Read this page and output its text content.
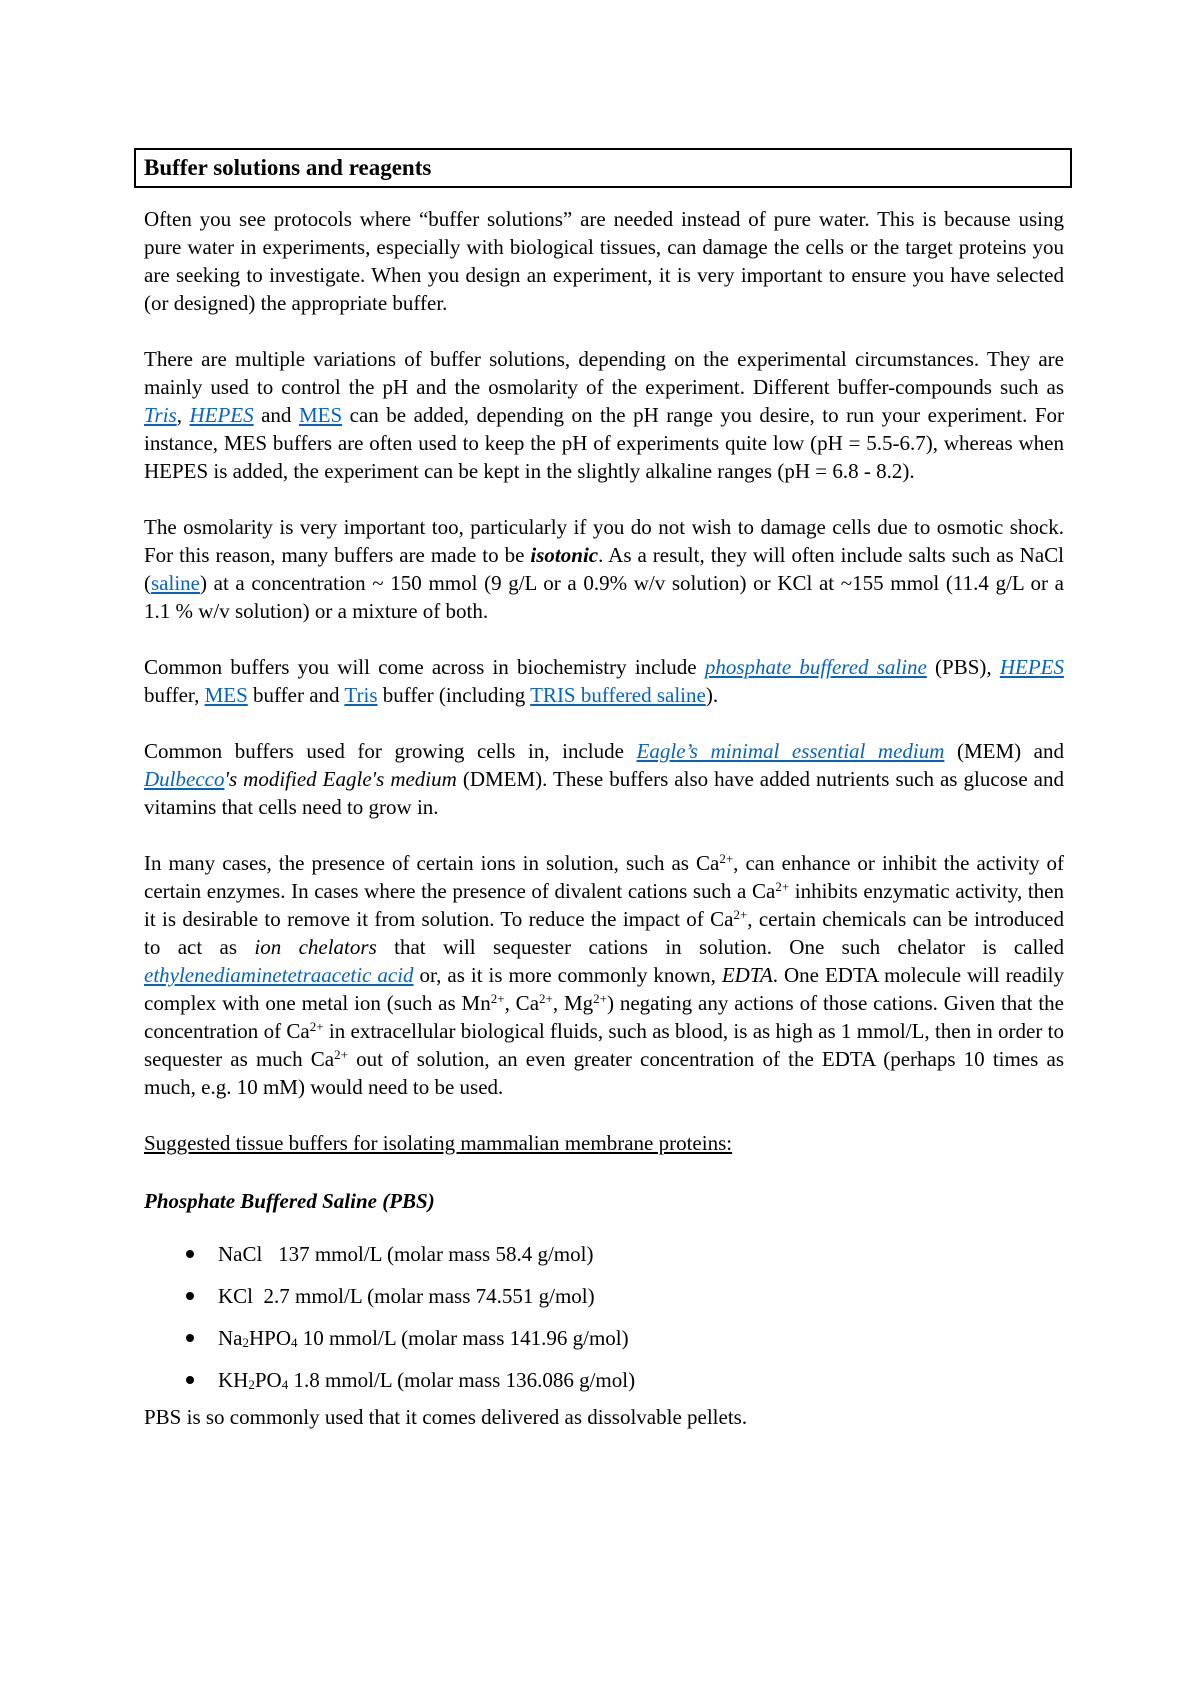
Buffer solutions and reagents

Often you see protocols where “buffer solutions” are needed instead of pure water. This is because using pure water in experiments, especially with biological tissues, can damage the cells or the target proteins you are seeking to investigate. When you design an experiment, it is very important to ensure you have selected (or designed) the appropriate buffer.

There are multiple variations of buffer solutions, depending on the experimental circumstances. They are mainly used to control the pH and the osmolarity of the experiment. Different buffer-compounds such as Tris, HEPES and MES can be added, depending on the pH range you desire, to run your experiment. For instance, MES buffers are often used to keep the pH of experiments quite low (pH = 5.5-6.7), whereas when HEPES is added, the experiment can be kept in the slightly alkaline ranges (pH = 6.8 - 8.2).

The osmolarity is very important too, particularly if you do not wish to damage cells due to osmotic shock. For this reason, many buffers are made to be isotonic. As a result, they will often include salts such as NaCl (saline) at a concentration ~ 150 mmol (9 g/L or a 0.9% w/v solution) or KCl at ~155 mmol (11.4 g/L or a 1.1 % w/v solution) or a mixture of both.

Common buffers you will come across in biochemistry include phosphate buffered saline (PBS), HEPES buffer, MES buffer and Tris buffer (including TRIS buffered saline).

Common buffers used for growing cells in, include Eagle’s minimal essential medium (MEM) and Dulbecco's modified Eagle's medium (DMEM). These buffers also have added nutrients such as glucose and vitamins that cells need to grow in.

In many cases, the presence of certain ions in solution, such as $Ca^{2+}$, can enhance or inhibit the activity of certain enzymes. In cases where the presence of divalent cations such a $Ca^{2+}$ inhibits enzymatic activity, then it is desirable to remove it from solution. To reduce the impact of $Ca^{2+}$, certain chemicals can be introduced to act as ion chelators that will sequester cations in solution. One such chelator is called ethylenediaminetetraacetic acid or, as it is more commonly known, EDTA. One EDTA molecule will readily complex with one metal ion (such as $Mn^{2+}$, $Ca^{2+}$, $Mg^{2+}$) negating any actions of those cations. Given that the concentration of $Ca^{2+}$ in extracellular biological fluids, such as blood, is as high as 1 mmol/L, then in order to sequester as much $Ca^{2+}$ out of solution, an even greater concentration of the EDTA (perhaps 10 times as much, e.g. 10 mM) would need to be used.

Suggested tissue buffers for isolating mammalian membrane proteins:

Phosphate Buffered Saline (PBS)

NaCl   137 mmol/L (molar mass 58.4 g/mol)
KCl  2.7 mmol/L (molar mass 74.551 g/mol)
$Na_2HPO_4$ 10 mmol/L (molar mass 141.96 g/mol)
$KH_2PO_4$ 1.8 mmol/L (molar mass 136.086 g/mol)

PBS is so commonly used that it comes delivered as dissolvable pellets.
